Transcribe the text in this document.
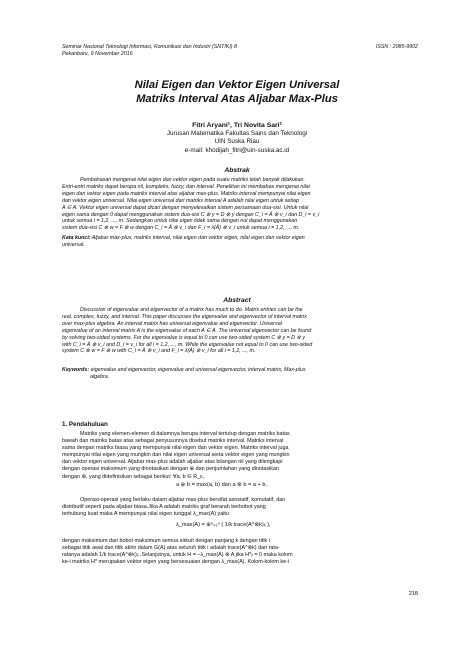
Seminar Nasional Teknologi Informasi, Komunikasi dan Industri (SNTIKI) 8
Pekanbaru, 9 November 2016
ISSN : 2085-9902
Nilai Eigen dan Vektor Eigen Universal
Matriks Interval Atas Aljabar Max-Plus
Fitri Aryani¹, Tri Novita Sari²
Jurusan Matematika Fakultas Sains dan Teknologi
UIN Suska Riau
e-mail: khodijah_fitri@uin-suska.ac.id
Abstrak
Pembahasan mengenai nilai eigen dan vektor eigen pada suatu matriks telah banyak dilakukan.
Entri-entri matriks dapat berupa nil, kompleks, fuzzy, dan interval. Penelitian ini membahas mengenai nilai
eigen dan vektor eigen pada matriks interval atas aljabar max-plus. Matriks interval mempunyai nilai eigen
dan vektor eigen universal. Nilai eigen universal dari matriks interval A adalah nilai eigen untuk setiap
A ∈ A. Vektor eigen universal dapat dicari dengan menyelesaikan sistem persamaan dua-sisi. Untuk nilai
eigen sama dengan 0 dapat menggunakan sistem dua-sisi C ⊗ y = D ⊗ y dengan C_i = Ā ⊗ v_i dan D_i = v_i
untuk semua i = 1,2, ..., m. Sedangkan untuk nilai eigen tidak sama dengan nol dapat menggunakan
sistem dua-sisi C ⊗ w = F ⊗ w dengan C_i = Ā ⊗ v_i dan F_i = λ(Ā) ⊗ v_i untuk semua i = 1,2, ..., m.
Kata kunci: Aljabar max-plus, matriks interval, nilai eigen dan vektor eigen, nilai eigen dan vektor eigen
universal.
Abstract
Discussion of eigenvalue and eigenvector of a matrix has much to do. Matrix entries can be the
real, complex, fuzzy, and interval. This paper discusses the eigenvalue and eigenvector of interval matrix
over max-plus algebra. An interval matrix has universal eigenvalue and eigenvector. Universal
eigenvalue of an interval matrix A is the eigenvalue of each A ∈ A. The universal eigenvector can be found
by solving two-sided systems. For the eigenvalue is equal to 0 can use two-sided system C ⊗ y = D ⊗ y
with C_i = Ā ⊗ v_i and D_i = v_i for all i = 1,2, ..., m. While the eigenvalue not equal to 0 can use two-sided
system C ⊗ w = F ⊗ w with C_i = Ā ⊗ v_i and F_i = λ(Ā) ⊗ v_i for all i = 1,2, ..., m.
Keywords: eigenvalue and eigenvector, eigenvalue and universal eigenvector, interval matrix, Max-plus
algebra.
1. Pendahuluan
Matriks yang elemen-elemen di dalamnya berupa interval tertutup dengan matriks batas
bawah dan matriks batas atas sebagai penyusunnya disebut matriks interval. Matriks interval
sama dengan matriks biasa yang mempunyai nilai eigen dan vektor eigen. Matriks interval juga
mempunyai nilai eigen yang mungkin dan nilai eigen universal serta vektor eigen yang mungkin
dan vektor eigen universal. Aljabar max-plus adalah aljabar atas bilangan riil yang dilengkapi
dengan operasi maksimum yang dinotasikan dengan ⊕ dan penjumlahan yang dinotasikan
dengan ⊗, yang didefinisikan sebagai berikut: ∀a, b ∈ R_ε,
a ⊕ b = max(a, b) dan a ⊗ b = a + b.
Operasi-operasi yang berlaku dalam aljabar max-plus bersifat asosiatif, komutatif, dan
distributif seperti pada aljabar biasa.Jika A adalah matriks graf berarah berbobot yang
terhubung kuat maka A mempunyai nilai eigen tunggal λ_max(A) yaitu
λ_max(A) = ⊕ᵏ₌₁ⁿ ( 1/k trace(A^⊗k)ᵢᵢ ),
dengan maksimum dari bobot maksimum semua sirkuit dengan panjang k dengan titik i
sebagai titik awal dan titik akhir dalam G(A) atas seluruh titik i adalah trace(A^⊗k) dan rata-
ratanya adalah 1/k trace(A^⊗k)ᵢᵢ .Selanjutnya, untuk H = −λ_max(A) ⊗ A jika H*ᵢₗ = 0 maka kolom
ke-i matriks H* merupakan vektor eigen yang bersesuaian dengan λ_max(A). Kolom-kolom ke-i
218
